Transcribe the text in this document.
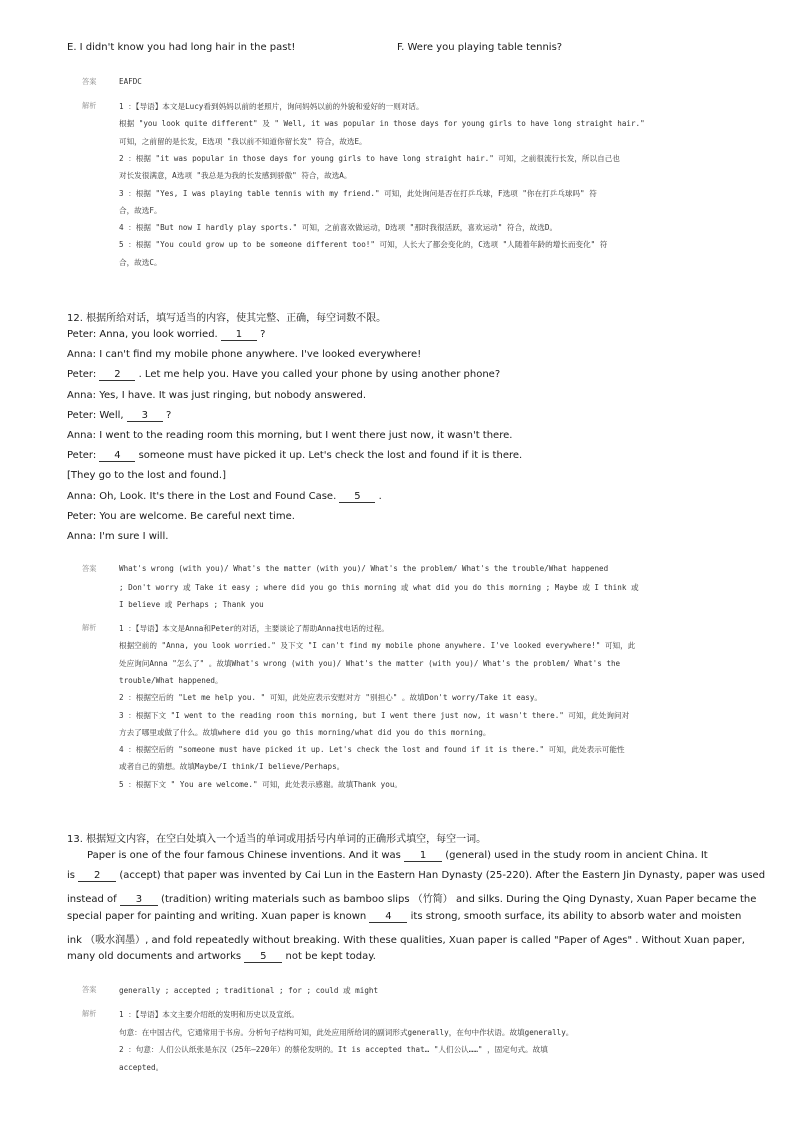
E. I didn't know you had long hair in the past!	F. Were you playing table tennis?
答案	EAFDC
解析	1 ：【导语】本文是Lucy看到妈妈以前的老照片，询问妈妈以前的外貌和爱好的一则对话。
根据 "you look quite different" 及 " Well, it was popular in those days for young girls to have long straight hair."
可知，之前留的是长发，E选项 "我以前不知道你留长发" 符合，故选E。
2 ：根据 "it was popular in those days for young girls to have long straight hair." 可知，之前很流行长发，所以自己也
对长发很满意，A选项 "我总是为我的长发感到骄傲" 符合，故选A。
3 ：根据 "Yes, I was playing table tennis with my friend." 可知，此处询问是否在打乒乓球，F选项 "你在打乒乓球吗" 符
合，故选F。
4 ：根据 "But now I hardly play sports." 可知，之前喜欢做运动，D选项 "那时我很活跃，喜欢运动" 符合，故选D。
5 ：根据 "You could grow up to be someone different too!" 可知，人长大了都会变化的，C选项 "人随着年龄的增长而变化" 符
合，故选C。
12. 根据所给对话，填写适当的内容，使其完整、正确，每空词数不限。
Peter: Anna, you look worried. 1 ?
Anna: I can't find my mobile phone anywhere. I've looked everywhere!
Peter: 2 . Let me help you. Have you called your phone by using another phone?
Anna: Yes, I have. It was just ringing, but nobody answered.
Peter: Well, 3 ?
Anna: I went to the reading room this morning, but I went there just now, it wasn't there.
Peter: 4 someone must have picked it up. Let's check the lost and found if it is there.
[They go to the lost and found.]
Anna: Oh, Look. It's there in the Lost and Found Case. 5 .
Peter: You are welcome. Be careful next time.
Anna: I'm sure I will.
答案	What's wrong (with you)/ What's the matter (with you)/ What's the problem/ What's the trouble/What happened
; Don't worry 或 Take it easy ; where did you go this morning 或 what did you do this morning ; Maybe 或 I think 或
I believe 或 Perhaps ; Thank you
解析	1 ：【导语】本文是Anna和Peter的对话，主要谈论了帮助Anna找电话的过程。
根据空前的 "Anna, you look worried." 及下文 "I can't find my mobile phone anywhere. I've looked everywhere!" 可知，此
处应询问Anna "怎么了" 。故填What's wrong (with you)/ What's the matter (with you)/ What's the problem/ What's the
trouble/What happened。
2 ：根据空后的 "Let me help you. " 可知，此处应表示安慰对方 "别担心" 。故填Don't worry/Take it easy。
3 ：根据下文 "I went to the reading room this morning, but I went there just now, it wasn't there." 可知，此处询问对
方去了哪里或做了什么。故填where did you go this morning/what did you do this morning。
4 ：根据空后的 "someone must have picked it up. Let's check the lost and found if it is there." 可知，此处表示可能性
或者自己的猜想。故填Maybe/I think/I believe/Perhaps。
5 ：根据下文 " You are welcome." 可知，此处表示感谢。故填Thank you。
13. 根据短文内容，在空白处填入一个适当的单词或用括号内单词的正确形式填空，每空一词。
Paper is one of the four famous Chinese inventions. And it was 1 (general) used in the study room in ancient China. It
is 2 (accept) that paper was invented by Cai Lun in the Eastern Han Dynasty (25-220). After the Eastern Jin Dynasty, paper was used
instead of 3 (tradition) writing materials such as bamboo slips （竹简） and silks. During the Qing Dynasty, Xuan Paper became the
special paper for painting and writing. Xuan paper is known 4 its strong, smooth surface, its ability to absorb water and moisten
ink （吸水润墨）, and fold repeatedly without breaking. With these qualities, Xuan paper is called "Paper of Ages" . Without Xuan paper,
many old documents and artworks 5 not be kept today.
答案	generally ; accepted ; traditional ; for ; could 或 might
解析	1 ：【导语】本文主要介绍纸的发明和历史以及宣纸。
句意：在中国古代，它通常用于书房。分析句子结构可知，此处应用所给词的副词形式generally，在句中作状语。故填generally。
2 ：句意：人们公认纸张是东汉（25年—220年）的蔡伦发明的。It is accepted that… "人们公认……" ，固定句式。故填
accepted。
